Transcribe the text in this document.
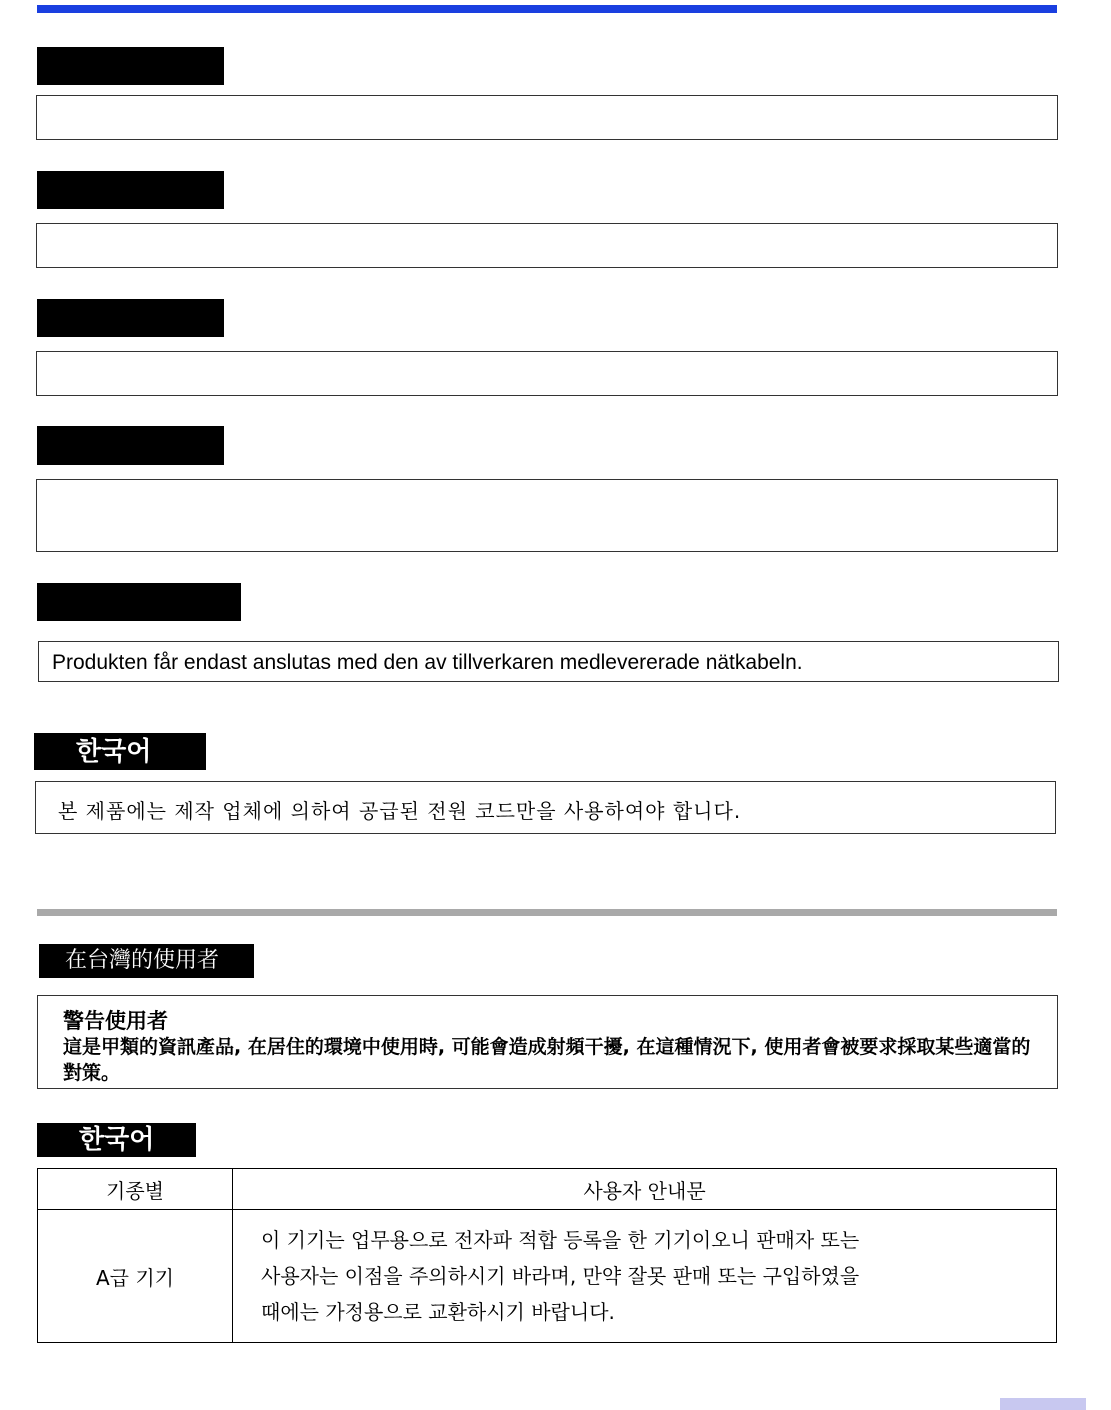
Produkten får endast anslutas med den av tillverkaren medlevererade nätkabeln.
한국어
본 제품에는 제작 업체에 의하여 공급된 전원 코드만을 사용하여야 합니다.
在台灣的使用者
警告使用者
這是甲類的資訊產品, 在居住的環境中使用時, 可能會造成射頻干擾, 在這種情況下, 使用者會被要求採取某些適當的對策。
한국어
기종별	사용자 안내문
A급 기기	이 기기는 업무용으로 전자파 적합 등록을 한 기기이오니 판매자 또는
사용자는 이점을 주의하시기 바라며, 만약 잘못 판매 또는 구입하였을
때에는 가정용으로 교환하시기 바랍니다.
